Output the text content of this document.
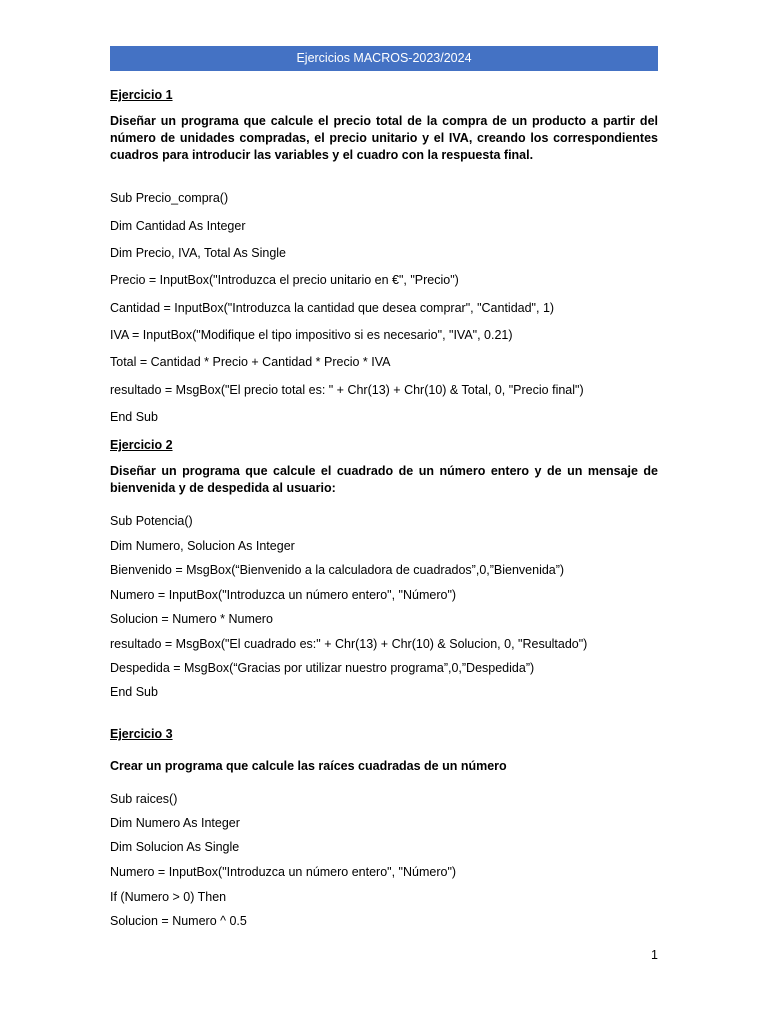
Ejercicios MACROS-2023/2024
Ejercicio 1
Diseñar un programa que calcule el precio total de la compra de un producto a partir del número de unidades compradas, el precio unitario y el IVA, creando los correspondientes cuadros para introducir las variables y el cuadro con la respuesta final.
Sub Precio_compra()
Dim Cantidad As Integer
Dim Precio, IVA, Total As Single
Precio = InputBox("Introduzca el precio unitario en €", "Precio")
Cantidad = InputBox("Introduzca la cantidad que desea comprar", "Cantidad", 1)
IVA = InputBox("Modifique el tipo impositivo si es necesario", "IVA", 0.21)
Total = Cantidad * Precio + Cantidad * Precio * IVA
resultado = MsgBox("El precio total es: " + Chr(13) + Chr(10) & Total, 0, "Precio final")
End Sub
Ejercicio 2
Diseñar un programa que calcule el cuadrado de un número entero y de un mensaje de bienvenida y de despedida al usuario:
Sub Potencia()
Dim Numero, Solucion As Integer
Bienvenido = MsgBox(“Bienvenido a la calculadora de cuadrados”,0,”Bienvenida”)
Numero = InputBox("Introduzca un número entero", "Número")
Solucion = Numero * Numero
resultado = MsgBox("El cuadrado es:" + Chr(13) + Chr(10) & Solucion, 0, "Resultado")
Despedida = MsgBox(“Gracias por utilizar nuestro programa”,0,”Despedida”)
End Sub
Ejercicio 3
Crear un programa que calcule las raíces cuadradas de un número
Sub raices()
Dim Numero As Integer
Dim Solucion As Single
Numero = InputBox("Introduzca un número entero", "Número")
If (Numero > 0) Then
Solucion = Numero ^ 0.5
1
